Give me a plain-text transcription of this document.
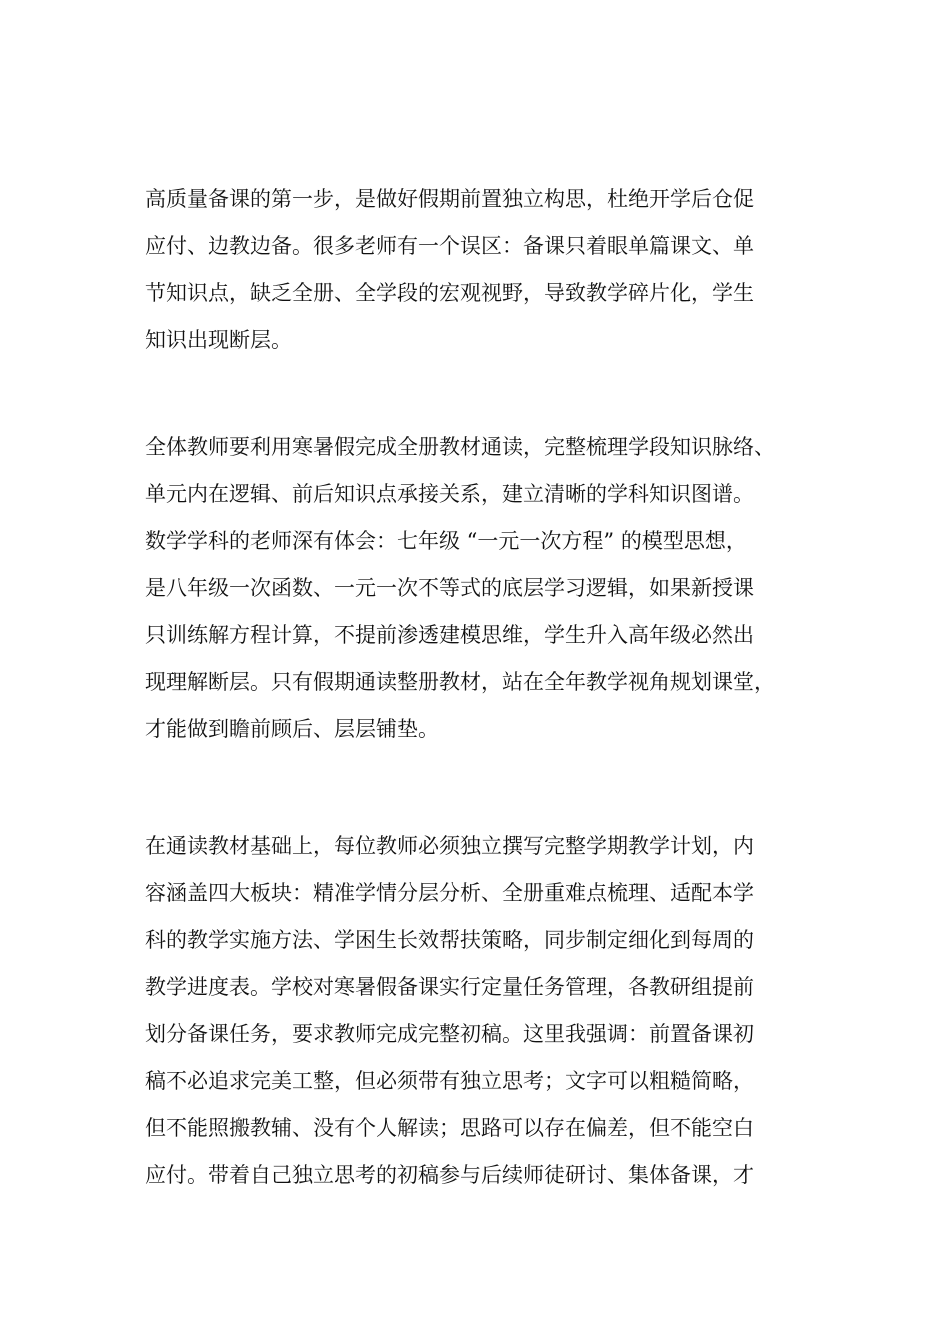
高质量备课的第一步，是做好假期前置独立构思，杜绝开学后仓促
应付、边教边备。很多老师有一个误区：备课只着眼单篇课文、单
节知识点，缺乏全册、全学段的宏观视野，导致教学碎片化，学生
知识出现断层。

全体教师要利用寒暑假完成全册教材通读，完整梳理学段知识脉络、
单元内在逻辑、前后知识点承接关系，建立清晰的学科知识图谱。
数学学科的老师深有体会：七年级 “一元一次方程” 的模型思想，
是八年级一次函数、一元一次不等式的底层学习逻辑，如果新授课
只训练解方程计算，不提前渗透建模思维，学生升入高年级必然出
现理解断层。只有假期通读整册教材，站在全年教学视角规划课堂，
才能做到瞻前顾后、层层铺垫。

在通读教材基础上，每位教师必须独立撰写完整学期教学计划，内
容涵盖四大板块：精准学情分层分析、全册重难点梳理、适配本学
科的教学实施方法、学困生长效帮扶策略，同步制定细化到每周的
教学进度表。学校对寒暑假备课实行定量任务管理，各教研组提前
划分备课任务，要求教师完成完整初稿。这里我强调：前置备课初
稿不必追求完美工整，但必须带有独立思考；文字可以粗糙简略，
但不能照搬教辅、没有个人解读；思路可以存在偏差，但不能空白
应付。带着自己独立思考的初稿参与后续师徒研讨、集体备课，才
